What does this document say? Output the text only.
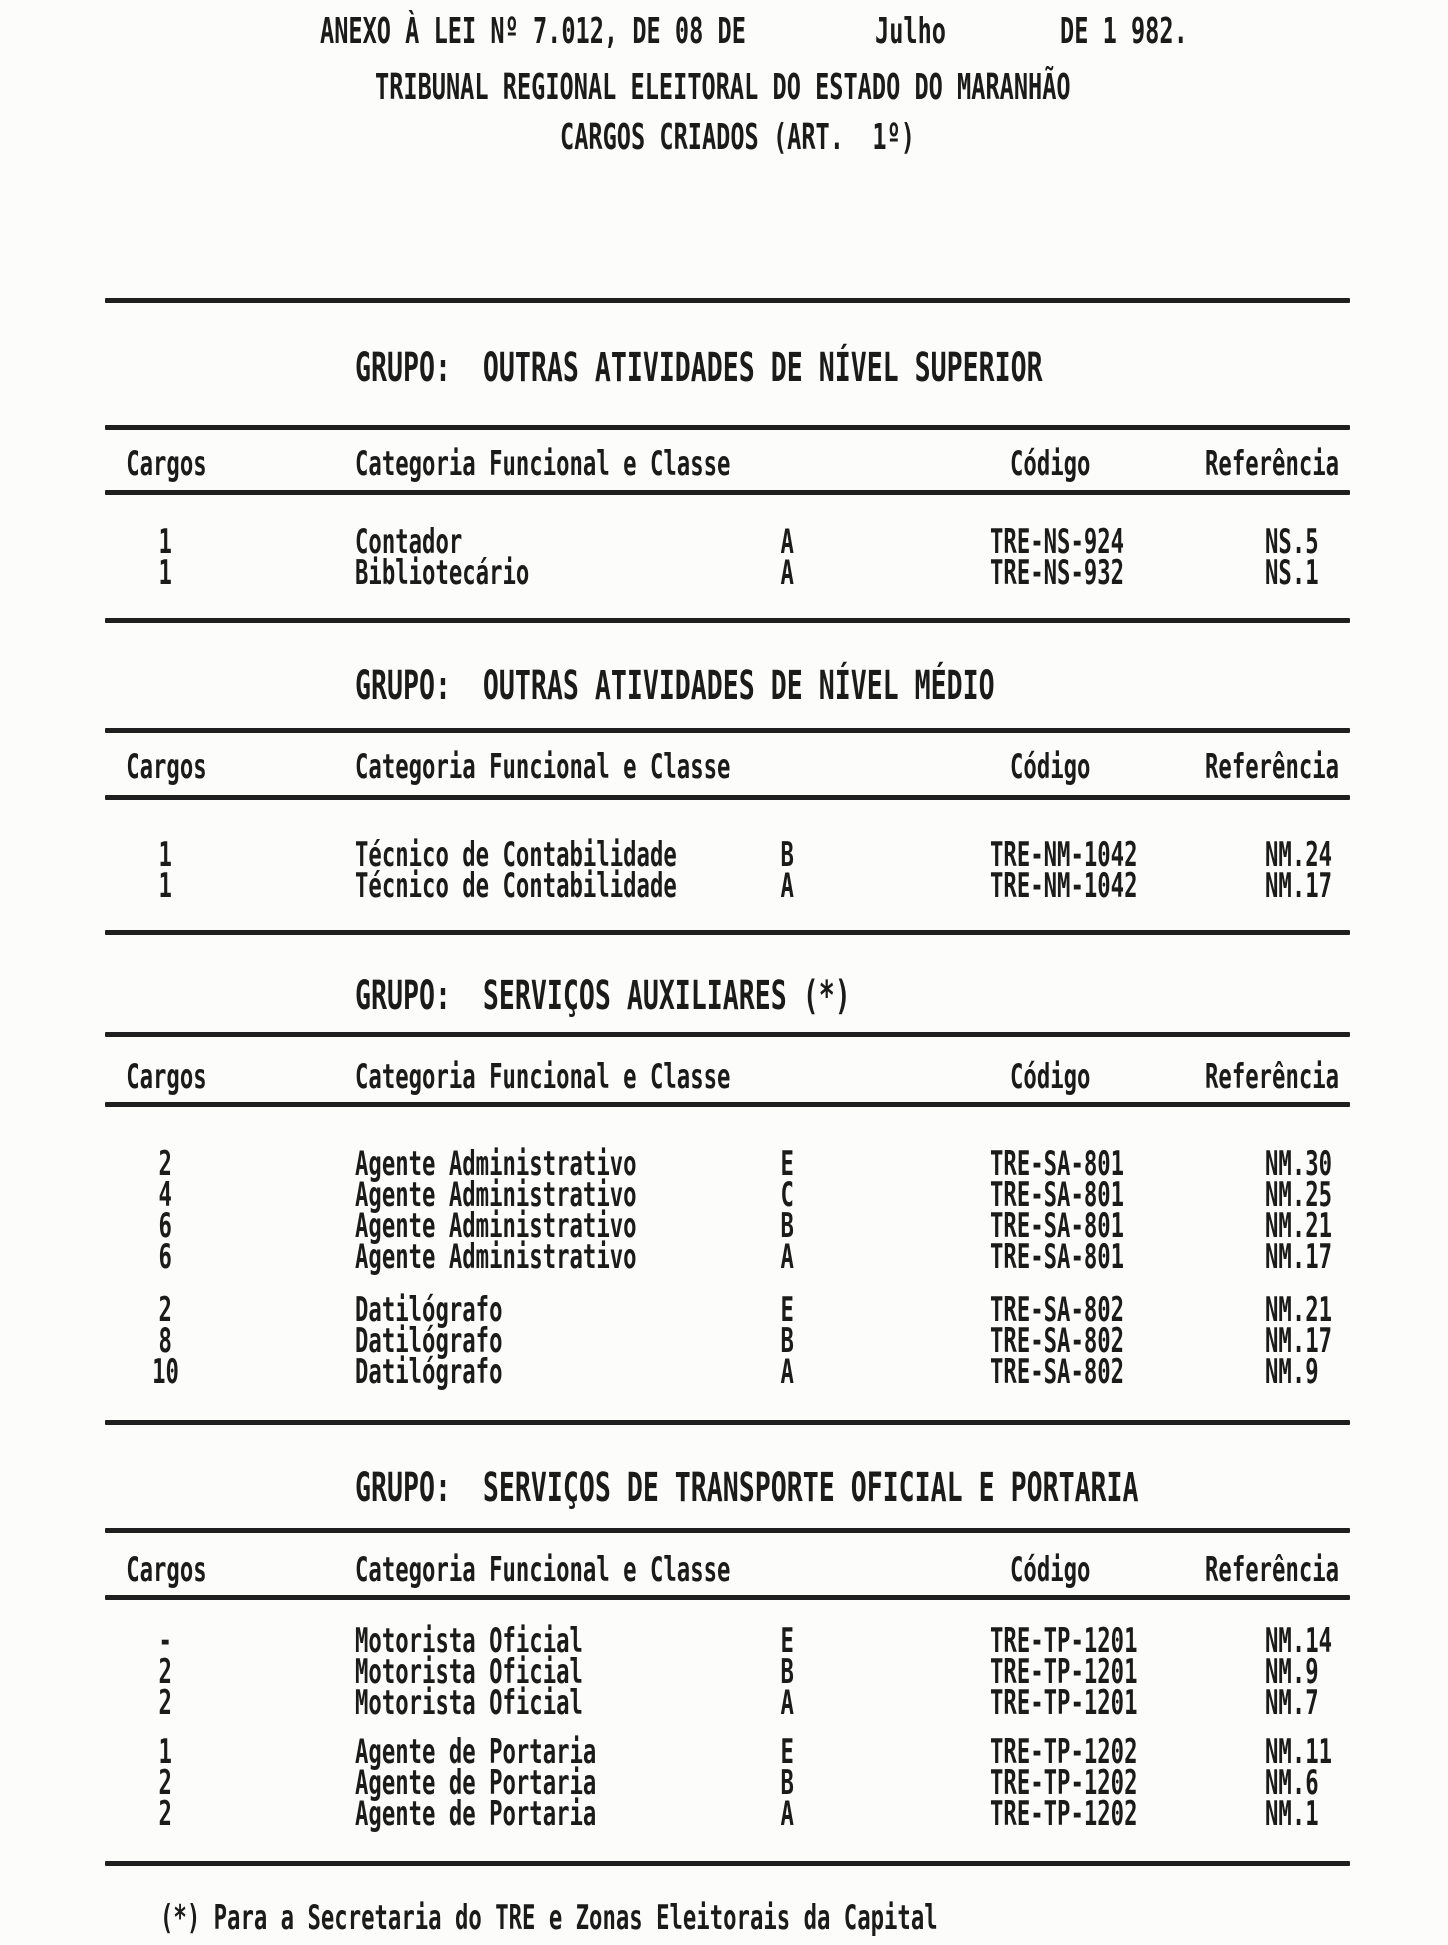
ANEXO À LEI Nº 7.012, DE 08 DE	Julho	DE 1 982.
TRIBUNAL REGIONAL ELEITORAL DO ESTADO DO MARANHÃO
CARGOS CRIADOS (ART.  1º)
GRUPO:  OUTRAS ATIVIDADES DE NÍVEL SUPERIOR
Cargos	Categoria Funcional e Classe	Código	Referência
1	Contador	A	TRE-NS-924	NS.5
1	Bibliotecário	A	TRE-NS-932	NS.1
GRUPO:  OUTRAS ATIVIDADES DE NÍVEL MÉDIO
Cargos	Categoria Funcional e Classe	Código	Referência
1	Técnico de Contabilidade	B	TRE-NM-1042	NM.24
1	Técnico de Contabilidade	A	TRE-NM-1042	NM.17
GRUPO:  SERVIÇOS AUXILIARES (*)
Cargos	Categoria Funcional e Classe	Código	Referência
2	Agente Administrativo	E	TRE-SA-801	NM.30
4	Agente Administrativo	C	TRE-SA-801	NM.25
6	Agente Administrativo	B	TRE-SA-801	NM.21
6	Agente Administrativo	A	TRE-SA-801	NM.17
2	Datilógrafo	E	TRE-SA-802	NM.21
8	Datilógrafo	B	TRE-SA-802	NM.17
10	Datilógrafo	A	TRE-SA-802	NM.9
GRUPO:  SERVIÇOS DE TRANSPORTE OFICIAL E PORTARIA
Cargos	Categoria Funcional e Classe	Código	Referência
-	Motorista Oficial	E	TRE-TP-1201	NM.14
2	Motorista Oficial	B	TRE-TP-1201	NM.9
2	Motorista Oficial	A	TRE-TP-1201	NM.7
1	Agente de Portaria	E	TRE-TP-1202	NM.11
2	Agente de Portaria	B	TRE-TP-1202	NM.6
2	Agente de Portaria	A	TRE-TP-1202	NM.1
(*) Para a Secretaria do TRE e Zonas Eleitorais da Capital
